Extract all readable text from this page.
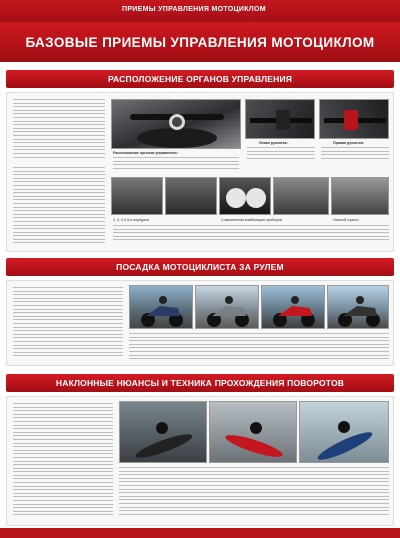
ПРИЕМЫ УПРАВЛЕНИЯ МОТОЦИКЛОМ
БАЗОВЫЕ ПРИЕМЫ УПРАВЛЕНИЯ МОТОЦИКЛОМ
РАСПОЛОЖЕНИЕ ОРГАНОВ УПРАВЛЕНИЯ
Расположение органов управления:
Левая рукоятка:	Правая рукоятка:
2, 3, 4 и 5-я передачи	Современная комбинация приборов	Ножной тормоз
ПОСАДКА МОТОЦИКЛИСТА ЗА РУЛЕМ
НАКЛОННЫЕ НЮАНСЫ И ТЕХНИКА ПРОХОЖДЕНИЯ ПОВОРОТОВ
